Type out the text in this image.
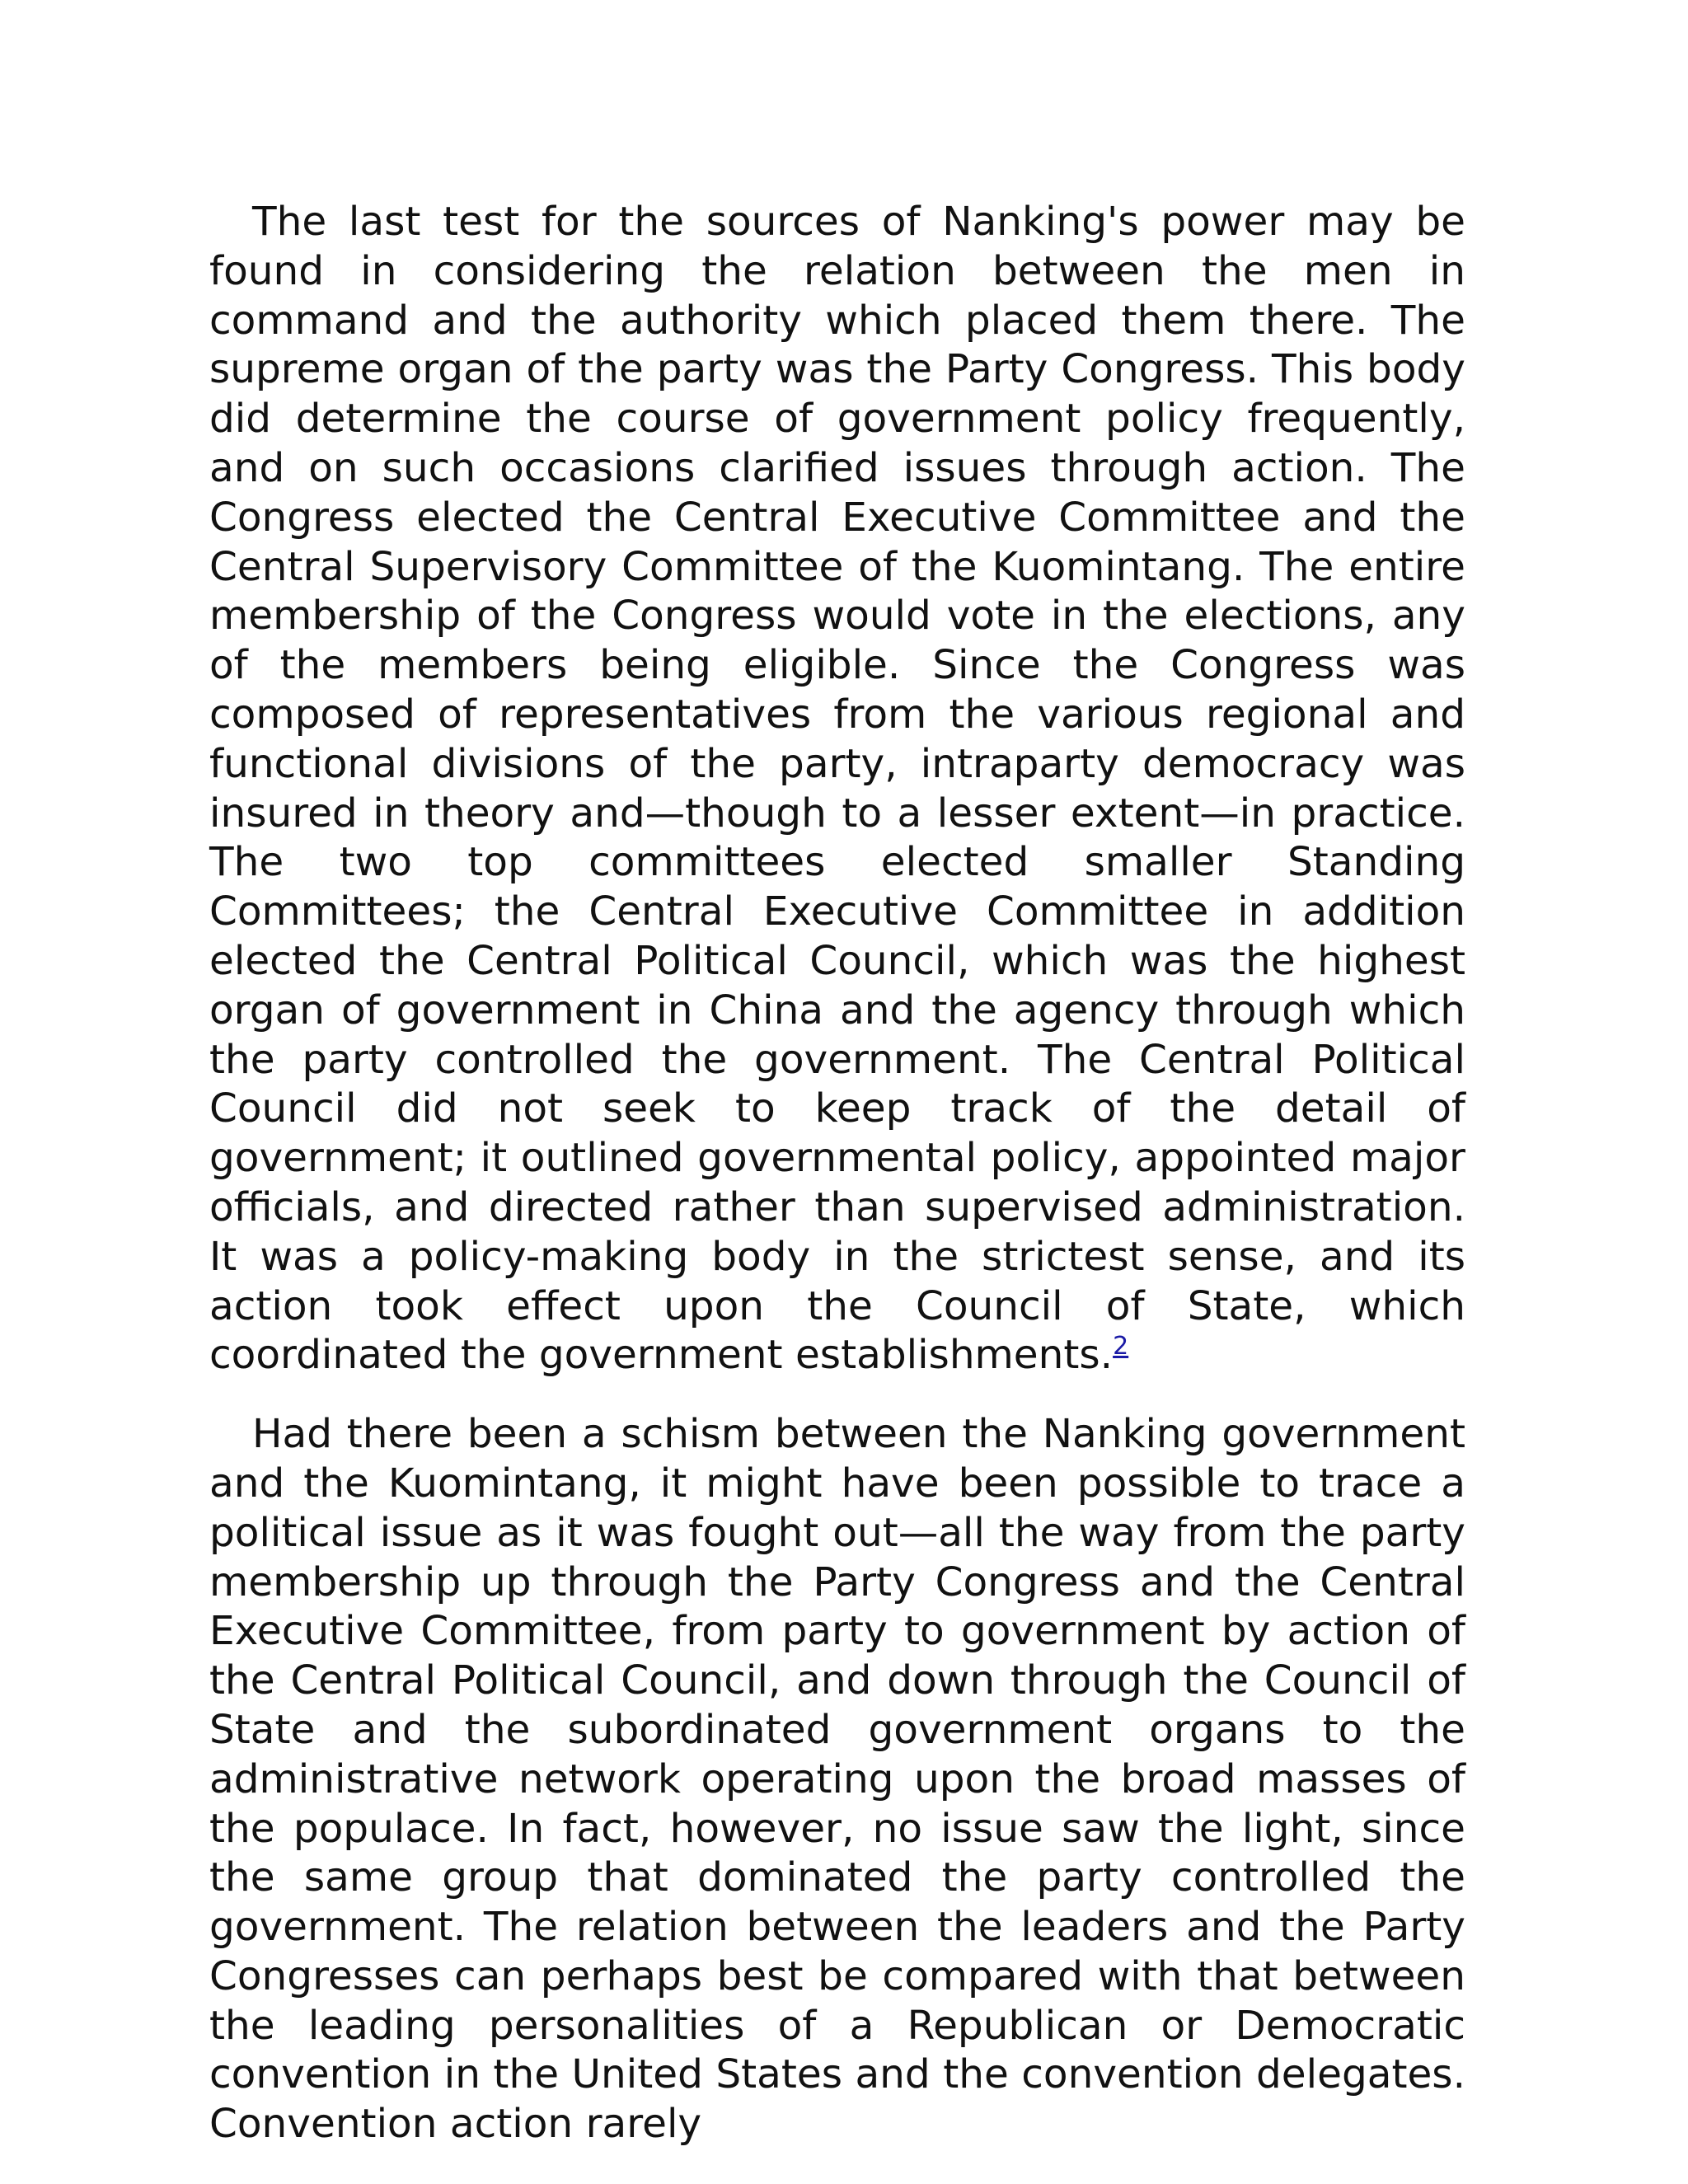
The last test for the sources of Nanking's power may be found in considering the relation between the men in command and the authority which placed them there. The supreme organ of the party was the Party Congress. This body did determine the course of government policy frequently, and on such occasions clarified issues through action. The Congress elected the Central Executive Committee and the Central Supervisory Committee of the Kuomintang. The entire membership of the Congress would vote in the elections, any of the members being eligible. Since the Congress was composed of representatives from the various regional and functional divisions of the party, intraparty democracy was insured in theory and—though to a lesser extent—in practice. The two top committees elected smaller Standing Committees; the Central Executive Committee in addition elected the Central Political Council, which was the highest organ of government in China and the agency through which the party controlled the government. The Central Political Council did not seek to keep track of the detail of government; it outlined governmental policy, appointed major officials, and directed rather than supervised administration. It was a policy-making body in the strictest sense, and its action took effect upon the Council of State, which coordinated the government establishments.$^2$

Had there been a schism between the Nanking government and the Kuomintang, it might have been possible to trace a political issue as it was fought out—all the way from the party membership up through the Party Congress and the Central Executive Committee, from party to government by action of the Central Political Council, and down through the Council of State and the subordinated government organs to the administrative network operating upon the broad masses of the populace. In fact, however, no issue saw the light, since the same group that dominated the party controlled the government. The relation between the leaders and the Party Congresses can perhaps best be compared with that between the leading personalities of a Republican or Democratic convention in the United States and the convention delegates. Convention action rarely
